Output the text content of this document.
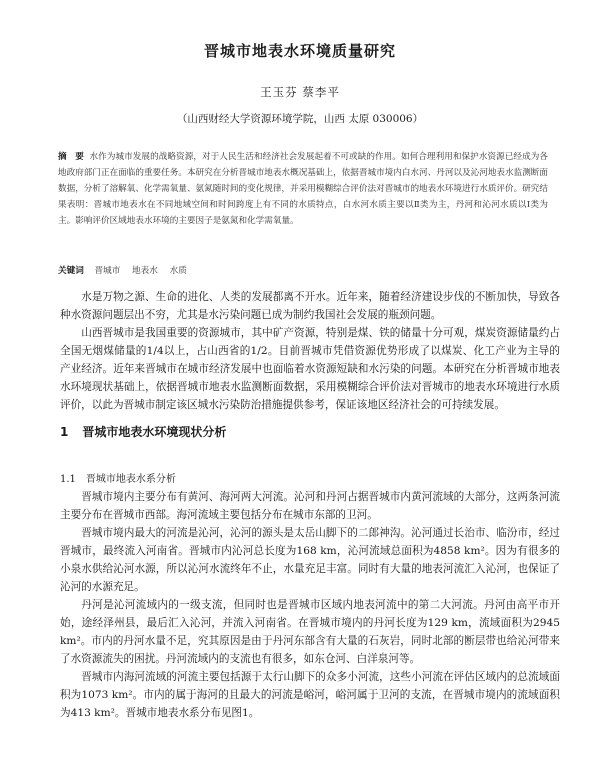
晋城市地表水环境质量研究
王玉芬 蔡李平
（山西财经大学资源环境学院，山西 太原 030006）
摘　要 水作为城市发展的战略资源，对于人民生活和经济社会发展起着不可或缺的作用。如何合理利用和保护水资源已经成为各地政府部门正在面临的重要任务。本研究在分析晋城市地表水概况基础上，依据晋城市境内白水河、丹河以及沁河地表水监测断面数据，分析了溶解氧、化学需氧量、氨氮随时间的变化规律，并采用模糊综合评价法对晋城市的地表水环境进行水质评价。研究结果表明：晋城市地表水在不同地域空间和时间跨度上有不同的水质特点，白水河水质主要以Ⅱ类为主，丹河和沁河水质以Ⅰ类为主。影响评价区域地表水环境的主要因子是氨氮和化学需氧量。
关键词 晋城市 地表水 水质

水是万物之源、生命的进化、人类的发展都离不开水。近年来，随着经济建设步伐的不断加快，导致各种水资源问题层出不穷，尤其是水污染问题已成为制约我国社会发展的瓶颈问题。

山西晋城市是我国重要的资源城市，其中矿产资源，特别是煤、铁的储量十分可观，煤炭资源储量约占全国无烟煤储量的1/4以上，占山西省的1/2。目前晋城市凭借资源优势形成了以煤炭、化工产业为主导的产业经济。近年来晋城市在城市经济发展中也面临着水资源短缺和水污染的问题。本研究在分析晋城市地表水环境现状基础上，依据晋城市地表水监测断面数据，采用模糊综合评价法对晋城市的地表水环境进行水质评价，以此为晋城市制定该区城水污染防治措施提供参考，保证该地区经济社会的可持续发展。

1 晋城市地表水环境现状分析
1.1 晋城市地表水系分析

晋城市境内主要分布有黄河、海河两大河流。沁河和丹河占据晋城市内黄河流域的大部分，这两条河流主要分布在晋城市西部。海河流域主要包括分布在城市东部的卫河。

晋城市境内最大的河流是沁河，沁河的源头是太岳山脚下的二郎神沟。沁河通过长治市、临汾市，经过晋城市，最终流入河南省。晋城市内沁河总长度为168 km，沁河流域总面积为4858 km²。因为有很多的小泉水供给沁河水源，所以沁河水流终年不止，水量充足丰富。同时有大量的地表河流汇入沁河，也保证了沁河的水源充足。

丹河是沁河流域内的一级支流，但同时也是晋城市区域内地表河流中的第二大河流。丹河由高平市开始，途经泽州县，最后汇入沁河，并流入河南省。在晋城市境内的丹河长度为129 km，流域面积为2945 km²。市内的丹河水量不足，究其原因是由于丹河东部含有大量的石灰岩，同时北部的断层带也给沁河带来了水资源流失的困扰。丹河流域内的支流也有很多，如东仓河、白洋泉河等。

晋城市内海河流域的河流主要包括源于太行山脚下的众多小河流，这些小河流在评估区域内的总流域面积为1073 km²。市内的属于海河的且最大的河流是峪河，峪河属于卫河的支流，在晋城市境内的流域面积为413 km²。晋城市地表水系分布见图1。
